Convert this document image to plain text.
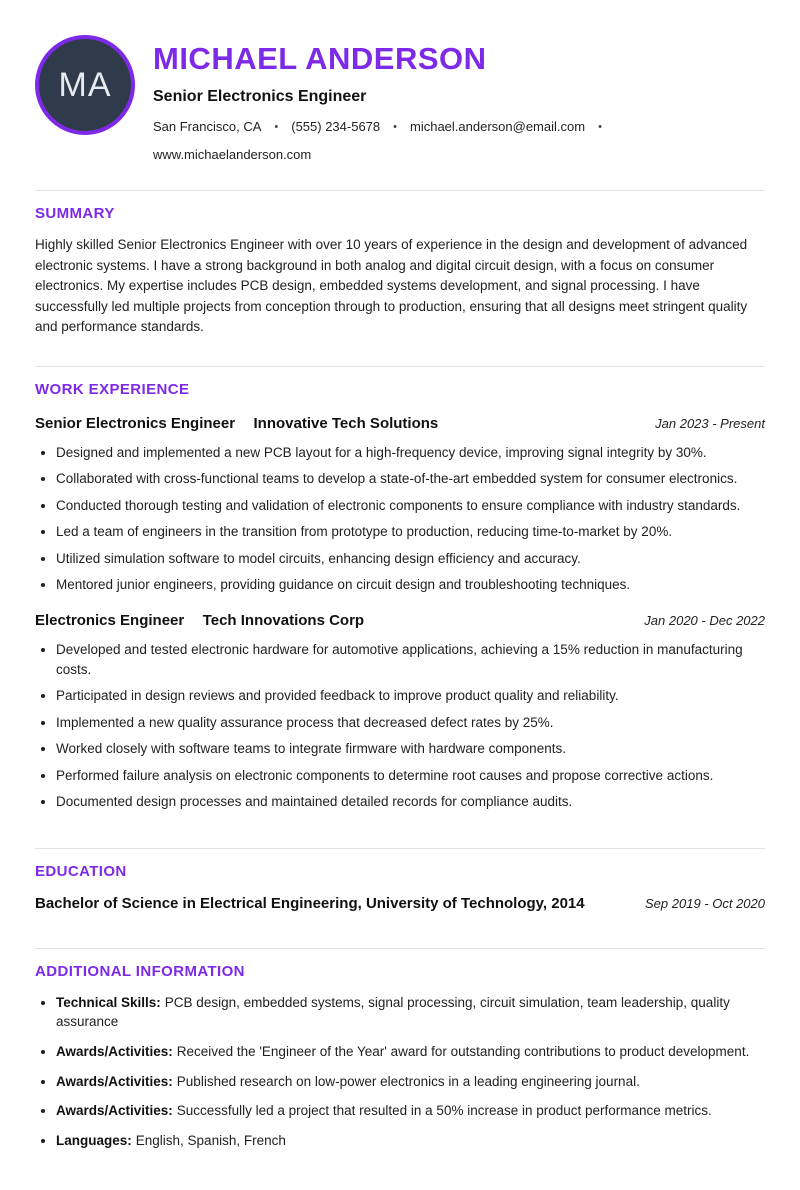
MA
MICHAEL ANDERSON
Senior Electronics Engineer
San Francisco, CA • (555) 234-5678 • michael.anderson@email.com •
www.michaelanderson.com
SUMMARY

Highly skilled Senior Electronics Engineer with over 10 years of experience in the design and development of advanced electronic systems. I have a strong background in both analog and digital circuit design, with a focus on consumer electronics. My expertise includes PCB design, embedded systems development, and signal processing. I have successfully led multiple projects from conception through to production, ensuring that all designs meet stringent quality and performance standards.

WORK EXPERIENCE
Senior Electronics Engineer Innovative Tech Solutions	Jan 2023 - Present
• Designed and implemented a new PCB layout for a high-frequency device, improving signal integrity by 30%.
• Collaborated with cross-functional teams to develop a state-of-the-art embedded system for consumer electronics.
• Conducted thorough testing and validation of electronic components to ensure compliance with industry standards.
• Led a team of engineers in the transition from prototype to production, reducing time-to-market by 20%.
• Utilized simulation software to model circuits, enhancing design efficiency and accuracy.
• Mentored junior engineers, providing guidance on circuit design and troubleshooting techniques.
Electronics Engineer Tech Innovations Corp	Jan 2020 - Dec 2022
• Developed and tested electronic hardware for automotive applications, achieving a 15% reduction in manufacturing costs.
• Participated in design reviews and provided feedback to improve product quality and reliability.
• Implemented a new quality assurance process that decreased defect rates by 25%.
• Worked closely with software teams to integrate firmware with hardware components.
• Performed failure analysis on electronic components to determine root causes and propose corrective actions.
• Documented design processes and maintained detailed records for compliance audits.
EDUCATION
Bachelor of Science in Electrical Engineering, University of Technology, 2014	Sep 2019 - Oct 2020
ADDITIONAL INFORMATION
• Technical Skills: PCB design, embedded systems, signal processing, circuit simulation, team leadership, quality assurance
• Awards/Activities: Received the 'Engineer of the Year' award for outstanding contributions to product development.
• Awards/Activities: Published research on low-power electronics in a leading engineering journal.
• Awards/Activities: Successfully led a project that resulted in a 50% increase in product performance metrics.
• Languages: English, Spanish, French
